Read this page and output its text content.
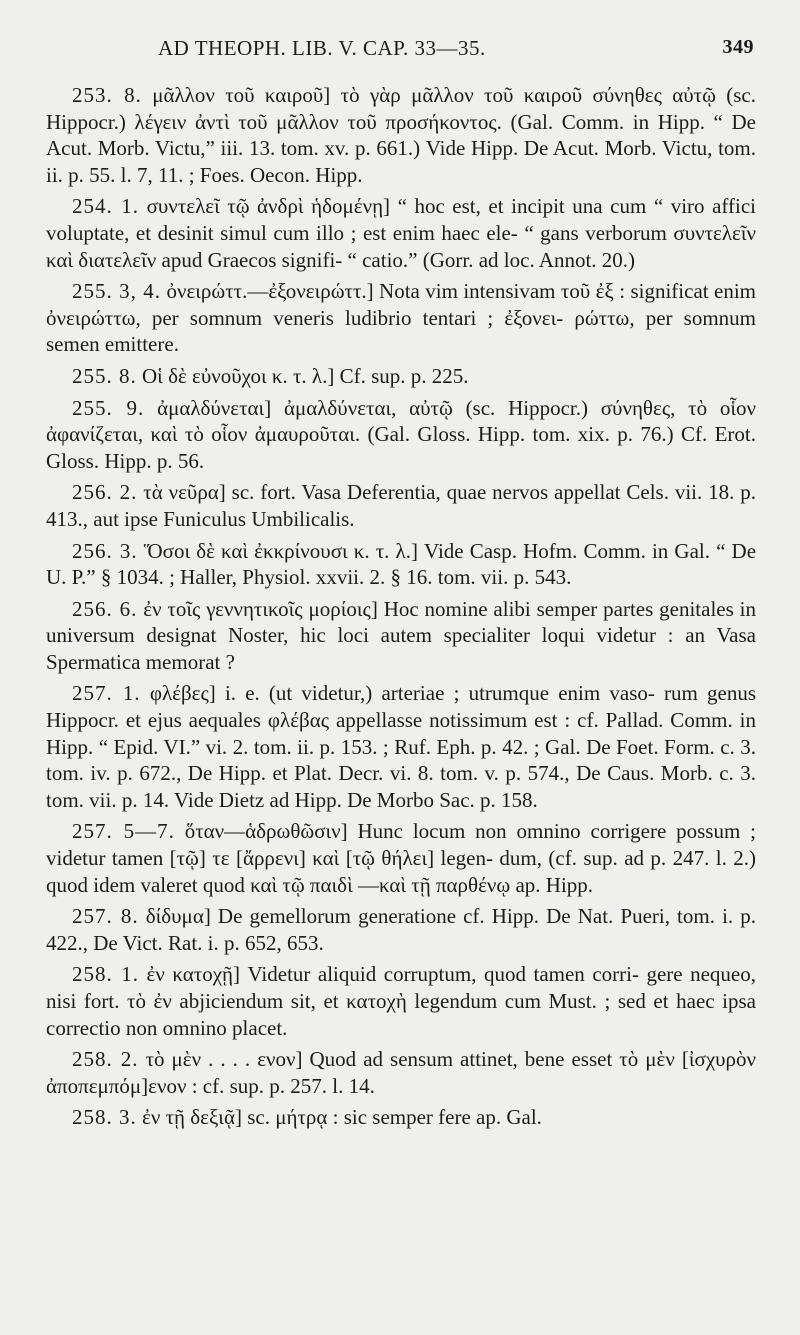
AD THEOPH. LIB. V. CAP. 33—35.	349

253. 8. μᾶλλον τοῦ καιροῦ] τὸ γὰρ μᾶλλον τοῦ καιροῦ σύνηθες αὐτῷ (sc. Hippocr.) λέγειν ἀντὶ τοῦ μᾶλλον τοῦ προσήκοντος. (Gal. Comm. in Hipp. “ De Acut. Morb. Victu,” iii. 13. tom. xv. p. 661.) Vide Hipp. De Acut. Morb. Victu, tom. ii. p. 55. l. 7, 11. ; Foes. Oecon. Hipp.

254. 1. συντελεῖ τῷ ἀνδρὶ ἡδομένῃ] “ hoc est, et incipit una cum “ viro affici voluptate, et desinit simul cum illo ; est enim haec ele- “ gans verborum συντελεῖν καὶ διατελεῖν apud Graecos signifi- “ catio.” (Gorr. ad loc. Annot. 20.)

255. 3, 4. ὀνειρώττ.—ἐξονειρώττ.] Nota vim intensivam τοῦ ἐξ : significat enim ὀνειρώττω, per somnum veneris ludibrio tentari ; ἐξονει- ρώττω, per somnum semen emittere.

255. 8. Οἱ δὲ εὐνοῦχοι κ. τ. λ.] Cf. sup. p. 225.

255. 9. ἀμαλδύνεται] ἀμαλδύνεται, αὐτῷ (sc. Hippocr.) σύνηθες, τὸ οἷον ἀφανίζεται, καὶ τὸ οἷον ἀμαυροῦται. (Gal. Gloss. Hipp. tom. xix. p. 76.) Cf. Erot. Gloss. Hipp. p. 56.

256. 2. τὰ νεῦρα] sc. fort. Vasa Deferentia, quae nervos appellat Cels. vii. 18. p. 413., aut ipse Funiculus Umbilicalis.

256. 3. Ὅσοι δὲ καὶ ἐκκρίνουσι κ. τ. λ.] Vide Casp. Hofm. Comm. in Gal. “ De U. P.” § 1034. ; Haller, Physiol. xxvii. 2. § 16. tom. vii. p. 543.

256. 6. ἐν τοῖς γεννητικοῖς μορίοις] Hoc nomine alibi semper partes genitales in universum designat Noster, hic loci autem specialiter loqui videtur : an Vasa Spermatica memorat ?

257. 1. φλέβες] i. e. (ut videtur,) arteriae ; utrumque enim vaso- rum genus Hippocr. et ejus aequales φλέβας appellasse notissimum est : cf. Pallad. Comm. in Hipp. “ Epid. VI.” vi. 2. tom. ii. p. 153. ; Ruf. Eph. p. 42. ; Gal. De Foet. Form. c. 3. tom. iv. p. 672., De Hipp. et Plat. Decr. vi. 8. tom. v. p. 574., De Caus. Morb. c. 3. tom. vii. p. 14. Vide Dietz ad Hipp. De Morbo Sac. p. 158.

257. 5—7. ὅταν—ἁδρωθῶσιν] Hunc locum non omnino corrigere possum ; videtur tamen [τῷ] τε [ἄρρενι] καὶ [τῷ θήλει] legen- dum, (cf. sup. ad p. 247. l. 2.) quod idem valeret quod καὶ τῷ παιδὶ —καὶ τῇ παρθένῳ ap. Hipp.

257. 8. δίδυμα] De gemellorum generatione cf. Hipp. De Nat. Pueri, tom. i. p. 422., De Vict. Rat. i. p. 652, 653.

258. 1. ἐν κατοχῇ] Videtur aliquid corruptum, quod tamen corri- gere nequeo, nisi fort. τὸ ἐν abjiciendum sit, et κατοχὴ legendum cum Must. ; sed et haec ipsa correctio non omnino placet.

258. 2. τὸ μὲν . . . . ενον] Quod ad sensum attinet, bene esset τὸ μὲν [ἰσχυρὸν ἀποπεμπόμ]ενον : cf. sup. p. 257. l. 14.

258. 3. ἐν τῇ δεξιᾷ] sc. μήτρᾳ : sic semper fere ap. Gal.
